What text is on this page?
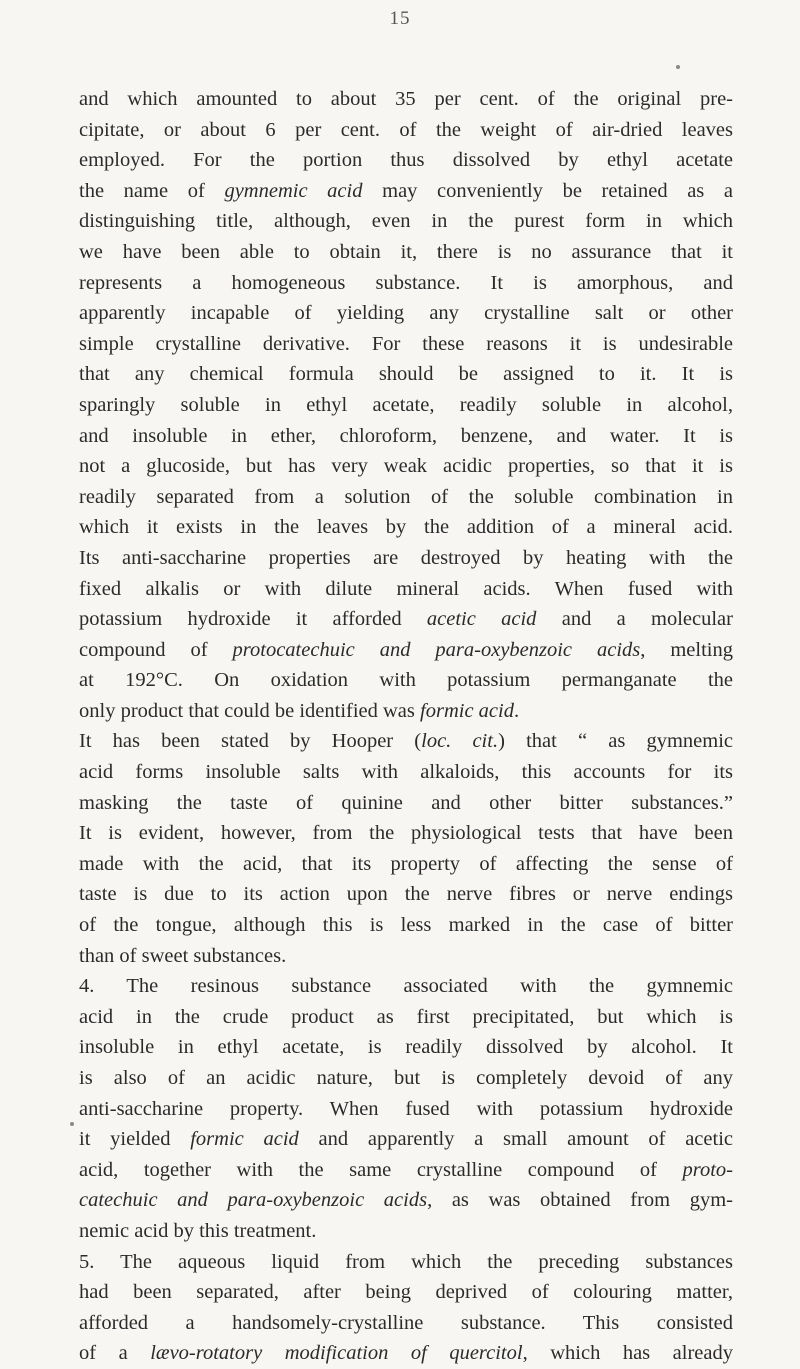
15
and which amounted to about 35 per cent. of the original pre-
cipitate, or about 6 per cent. of the weight of air-dried leaves
employed. For the portion thus dissolved by ethyl acetate
the name of gymnemic acid may conveniently be retained as a
distinguishing title, although, even in the purest form in which
we have been able to obtain it, there is no assurance that it
represents a homogeneous substance. It is amorphous, and
apparently incapable of yielding any crystalline salt or other
simple crystalline derivative. For these reasons it is undesirable
that any chemical formula should be assigned to it. It is
sparingly soluble in ethyl acetate, readily soluble in alcohol,
and insoluble in ether, chloroform, benzene, and water. It is
not a glucoside, but has very weak acidic properties, so that it is
readily separated from a solution of the soluble combination in
which it exists in the leaves by the addition of a mineral acid.
Its anti-saccharine properties are destroyed by heating with the
fixed alkalis or with dilute mineral acids. When fused with
potassium hydroxide it afforded acetic acid and a molecular
compound of protocatechuic and para-oxybenzoic acids, melting
at 192°C. On oxidation with potassium permanganate the
only product that could be identified was formic acid.
It has been stated by Hooper (loc. cit.) that “ as gymnemic
acid forms insoluble salts with alkaloids, this accounts for its
masking the taste of quinine and other bitter substances.”
It is evident, however, from the physiological tests that have been
made with the acid, that its property of affecting the sense of
taste is due to its action upon the nerve fibres or nerve endings
of the tongue, although this is less marked in the case of bitter
than of sweet substances.
4. The resinous substance associated with the gymnemic
acid in the crude product as first precipitated, but which is
insoluble in ethyl acetate, is readily dissolved by alcohol. It
is also of an acidic nature, but is completely devoid of any
anti-saccharine property. When fused with potassium hydroxide
it yielded formic acid and apparently a small amount of acetic
acid, together with the same crystalline compound of proto-
catechuic and para-oxybenzoic acids, as was obtained from gym-
nemic acid by this treatment.
5. The aqueous liquid from which the preceding substances
had been separated, after being deprived of colouring matter,
afforded a handsomely-crystalline substance. This consisted
of a lævo-rotatory modification of quercitol, which has already
